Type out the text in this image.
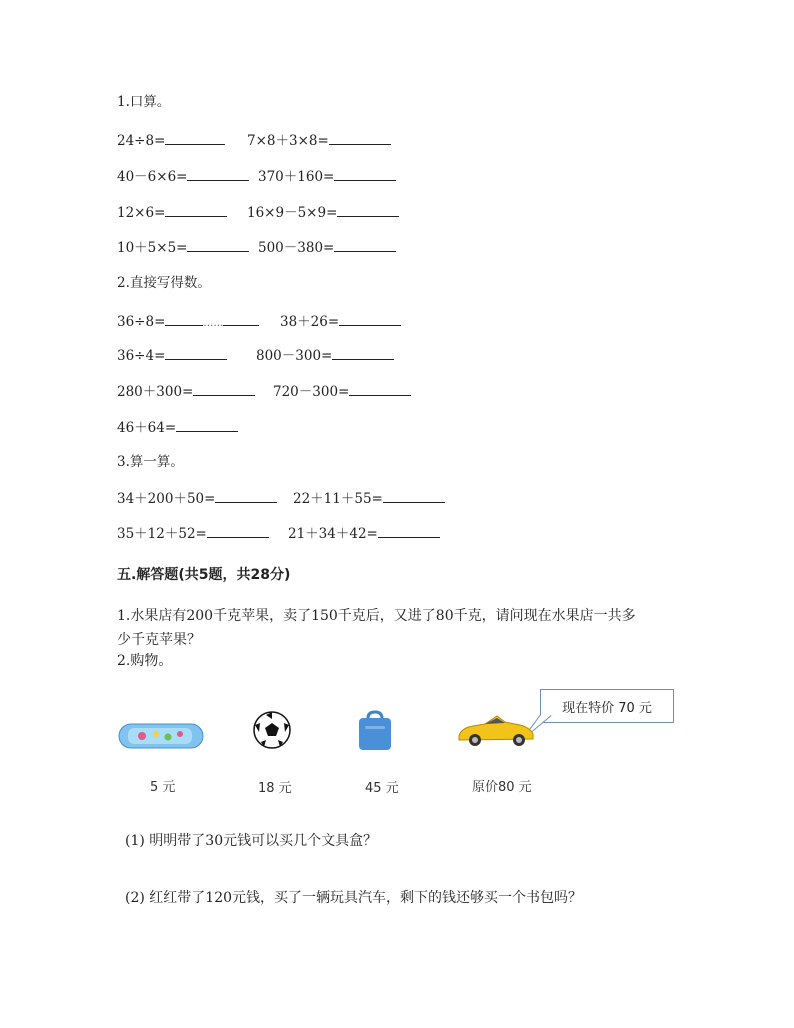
1.口算。
24÷8=	7×8＋3×8=
40－6×6=	370＋160=
12×6=	16×9－5×9=
10＋5×5=	500－380=
2.直接写得数。
36÷8=	……	38＋26=
36÷4=	800－300=
280＋300=	720－300=
46＋64=
3.算一算。
34＋200＋50=	22＋11＋55=
35＋12＋52=	21＋34＋42=
五.解答题(共5题，共28分)
1.水果店有200千克苹果，卖了150千克后，又进了80千克，请问现在水果店一共多
少千克苹果？
2.购物。
现在特价 70 元
5 元	18 元	45 元	原价80 元
(1) 明明带了30元钱可以买几个文具盒？
(2) 红红带了120元钱，买了一辆玩具汽车，剩下的钱还够买一个书包吗？
